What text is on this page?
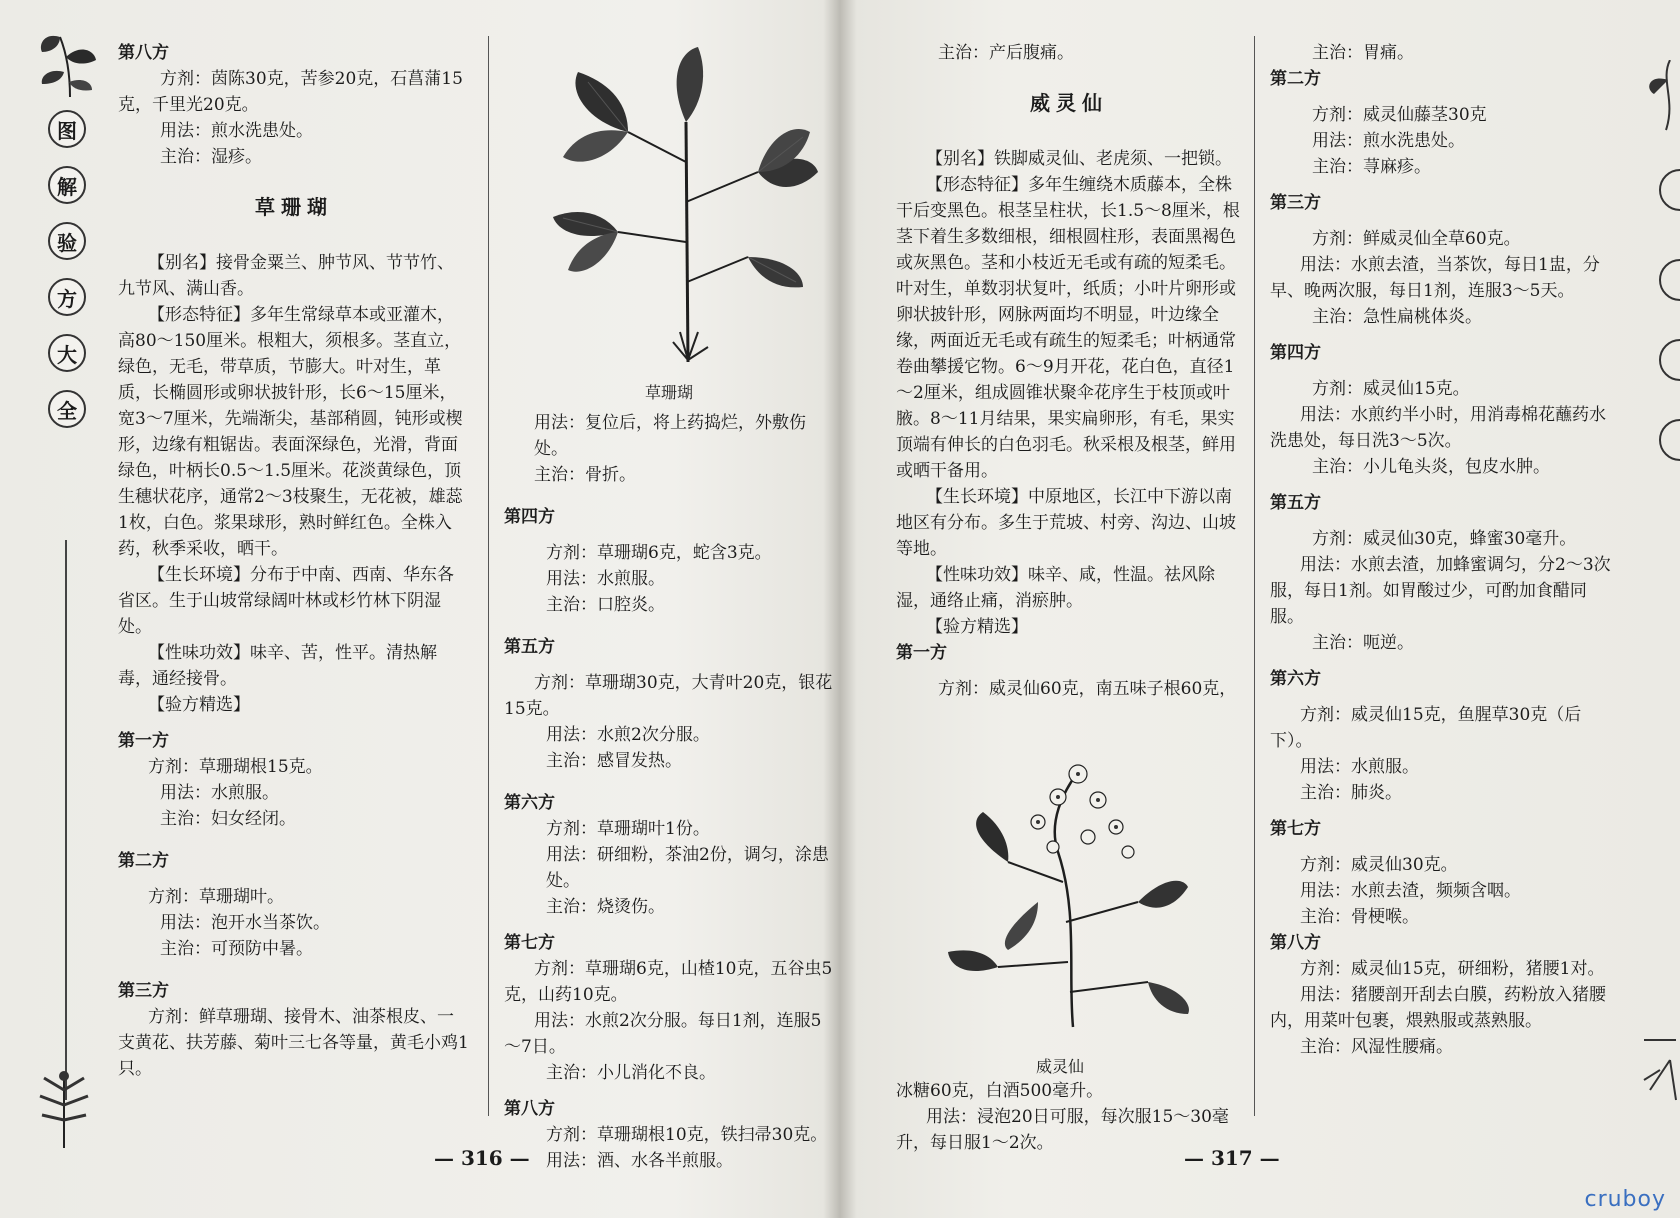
图
解
验
方
大
全

第八方

方剂：茵陈30克，苦参20克，石菖蒲15

克，千里光20克。

用法：煎水洗患处。

主治：湿疹。

草珊瑚

【别名】接骨金粟兰、肿节风、节节竹、九节风、满山香。

【形态特征】多年生常绿草本或亚灌木，高80～150厘米。根粗大，须根多。茎直立，绿色，无毛，带草质，节膨大。叶对生，革质，长椭圆形或卵状披针形，长6～15厘米，宽3～7厘米，先端渐尖，基部稍圆，钝形或楔形，边缘有粗锯齿。表面深绿色，光滑，背面绿色，叶柄长0.5～1.5厘米。花淡黄绿色，顶生穗状花序，通常2～3枝聚生，无花被，雄蕊1枚，白色。浆果球形，熟时鲜红色。全株入药，秋季采收，晒干。

【生长环境】分布于中南、西南、华东各省区。生于山坡常绿阔叶林或杉竹林下阴湿处。

【性味功效】味辛、苦，性平。清热解毒，通经接骨。

【验方精选】

第一方

方剂：草珊瑚根15克。

用法：水煎服。

主治：妇女经闭。

第二方

方剂：草珊瑚叶。

用法：泡开水当茶饮。

主治：可预防中暑。

第三方

方剂：鲜草珊瑚、接骨木、油茶根皮、一支黄花、扶芳藤、菊叶三七各等量，黄毛小鸡1只。

草珊瑚

用法：复位后，将上药捣烂，外敷伤处。

主治：骨折。

第四方

方剂：草珊瑚6克，蛇含3克。

用法：水煎服。

主治：口腔炎。

第五方

方剂：草珊瑚30克，大青叶20克，银花15克。

用法：水煎2次分服。

主治：感冒发热。

第六方

方剂：草珊瑚叶1份。

用法：研细粉，茶油2份，调匀，涂患处。

主治：烧烫伤。

第七方

方剂：草珊瑚6克，山楂10克，五谷虫5克，山药10克。

用法：水煎2次分服。每日1剂，连服5～7日。

主治：小儿消化不良。

第八方

方剂：草珊瑚根10克，铁扫帚30克。

用法：酒、水各半煎服。

— 316 —

主治：产后腹痛。

威灵仙

【别名】铁脚威灵仙、老虎须、一把锁。

【形态特征】多年生缠绕木质藤本，全株干后变黑色。根茎呈柱状，长1.5～8厘米，根茎下着生多数细根，细根圆柱形，表面黑褐色或灰黑色。茎和小枝近无毛或有疏的短柔毛。叶对生，单数羽状复叶，纸质；小叶片卵形或卵状披针形，网脉两面均不明显，叶边缘全缘，两面近无毛或有疏生的短柔毛；叶柄通常卷曲攀援它物。6～9月开花，花白色，直径1～2厘米，组成圆锥状聚伞花序生于枝顶或叶腋。8～11月结果，果实扁卵形，有毛，果实顶端有伸长的白色羽毛。秋采根及根茎，鲜用或晒干备用。

【生长环境】中原地区，长江中下游以南地区有分布。多生于荒坡、村旁、沟边、山坡等地。

【性味功效】味辛、咸，性温。祛风除湿，通络止痛，消瘀肿。

【验方精选】

第一方

方剂：威灵仙60克，南五味子根60克，

威灵仙

冰糖60克，白酒500毫升。

用法：浸泡20日可服，每次服15～30毫升，每日服1～2次。

主治：胃痛。

第二方

方剂：威灵仙藤茎30克

用法：煎水洗患处。

主治：荨麻疹。

第三方

方剂：鲜威灵仙全草60克。

用法：水煎去渣，当茶饮，每日1盅，分早、晚两次服，每日1剂，连服3～5天。

主治：急性扁桃体炎。

第四方

方剂：威灵仙15克。

用法：水煎约半小时，用消毒棉花蘸药水洗患处，每日洗3～5次。

主治：小儿龟头炎，包皮水肿。

第五方

方剂：威灵仙30克，蜂蜜30毫升。

用法：水煎去渣，加蜂蜜调匀，分2～3次服，每日1剂。如胃酸过少，可酌加食醋同服。

主治：呃逆。

第六方

方剂：威灵仙15克，鱼腥草30克（后下）。

用法：水煎服。

主治：肺炎。

第七方

方剂：威灵仙30克。

用法：水煎去渣，频频含咽。

主治：骨梗喉。

第八方

方剂：威灵仙15克，研细粉，猪腰1对。

用法：猪腰剖开刮去白膜，药粉放入猪腰内，用菜叶包裹，煨熟服或蒸熟服。

主治：风湿性腰痛。

— 317 —
cruboy
